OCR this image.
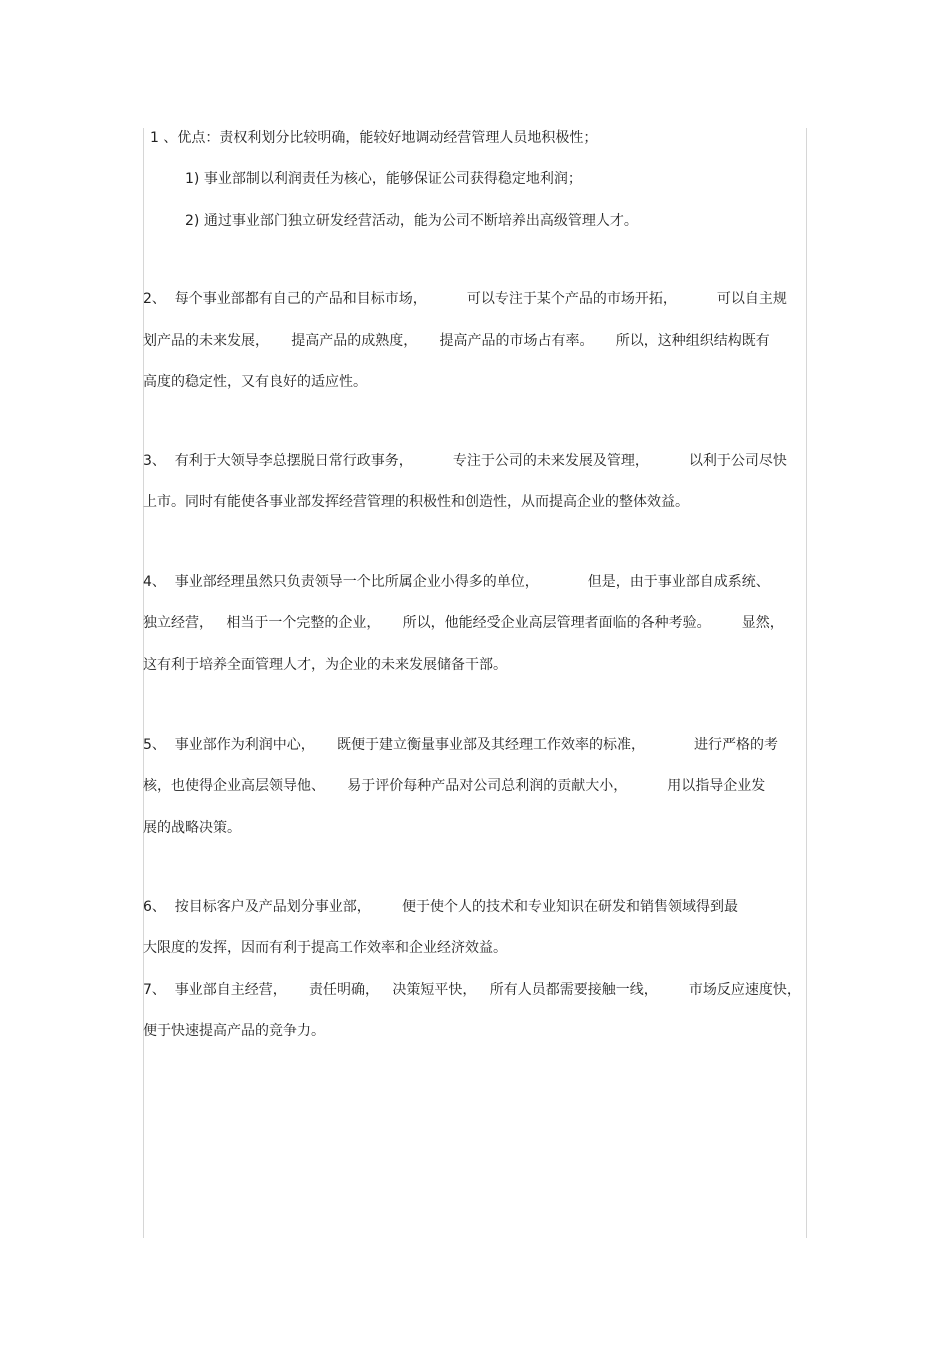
1 、优点：责权利划分比较明确，能较好地调动经营管理人员地积极性；
1) 事业部制以利润责任为核心，能够保证公司获得稳定地利润；
2) 通过事业部门独立研发经营活动，能为公司不断培养出高级管理人才。
2、  每个事业部都有自己的产品和目标市场，         可以专注于某个产品的市场开拓，         可以自主规
划产品的未来发展，     提高产品的成熟度，     提高产品的市场占有率。     所以，这种组织结构既有
高度的稳定性，又有良好的适应性。
3、  有利于大领导李总摆脱日常行政事务，         专注于公司的未来发展及管理，         以利于公司尽快
上市。同时有能使各事业部发挥经营管理的积极性和创造性，从而提高企业的整体效益。
4、  事业部经理虽然只负责领导一个比所属企业小得多的单位，           但是，由于事业部自成系统、
独立经营，   相当于一个完整的企业，     所以，他能经受企业高层管理者面临的各种考验。       显然，
这有利于培养全面管理人才，为企业的未来发展储备干部。
5、  事业部作为利润中心，     既便于建立衡量事业部及其经理工作效率的标准，           进行严格的考
核，也使得企业高层领导他、     易于评价每种产品对公司总利润的贡献大小，         用以指导企业发
展的战略决策。
6、  按目标客户及产品划分事业部，       便于使个人的技术和专业知识在研发和销售领域得到最
大限度的发挥，因而有利于提高工作效率和企业经济效益。
7、  事业部自主经营，     责任明确，   决策短平快，   所有人员都需要接触一线，       市场反应速度快，
便于快速提高产品的竞争力。
